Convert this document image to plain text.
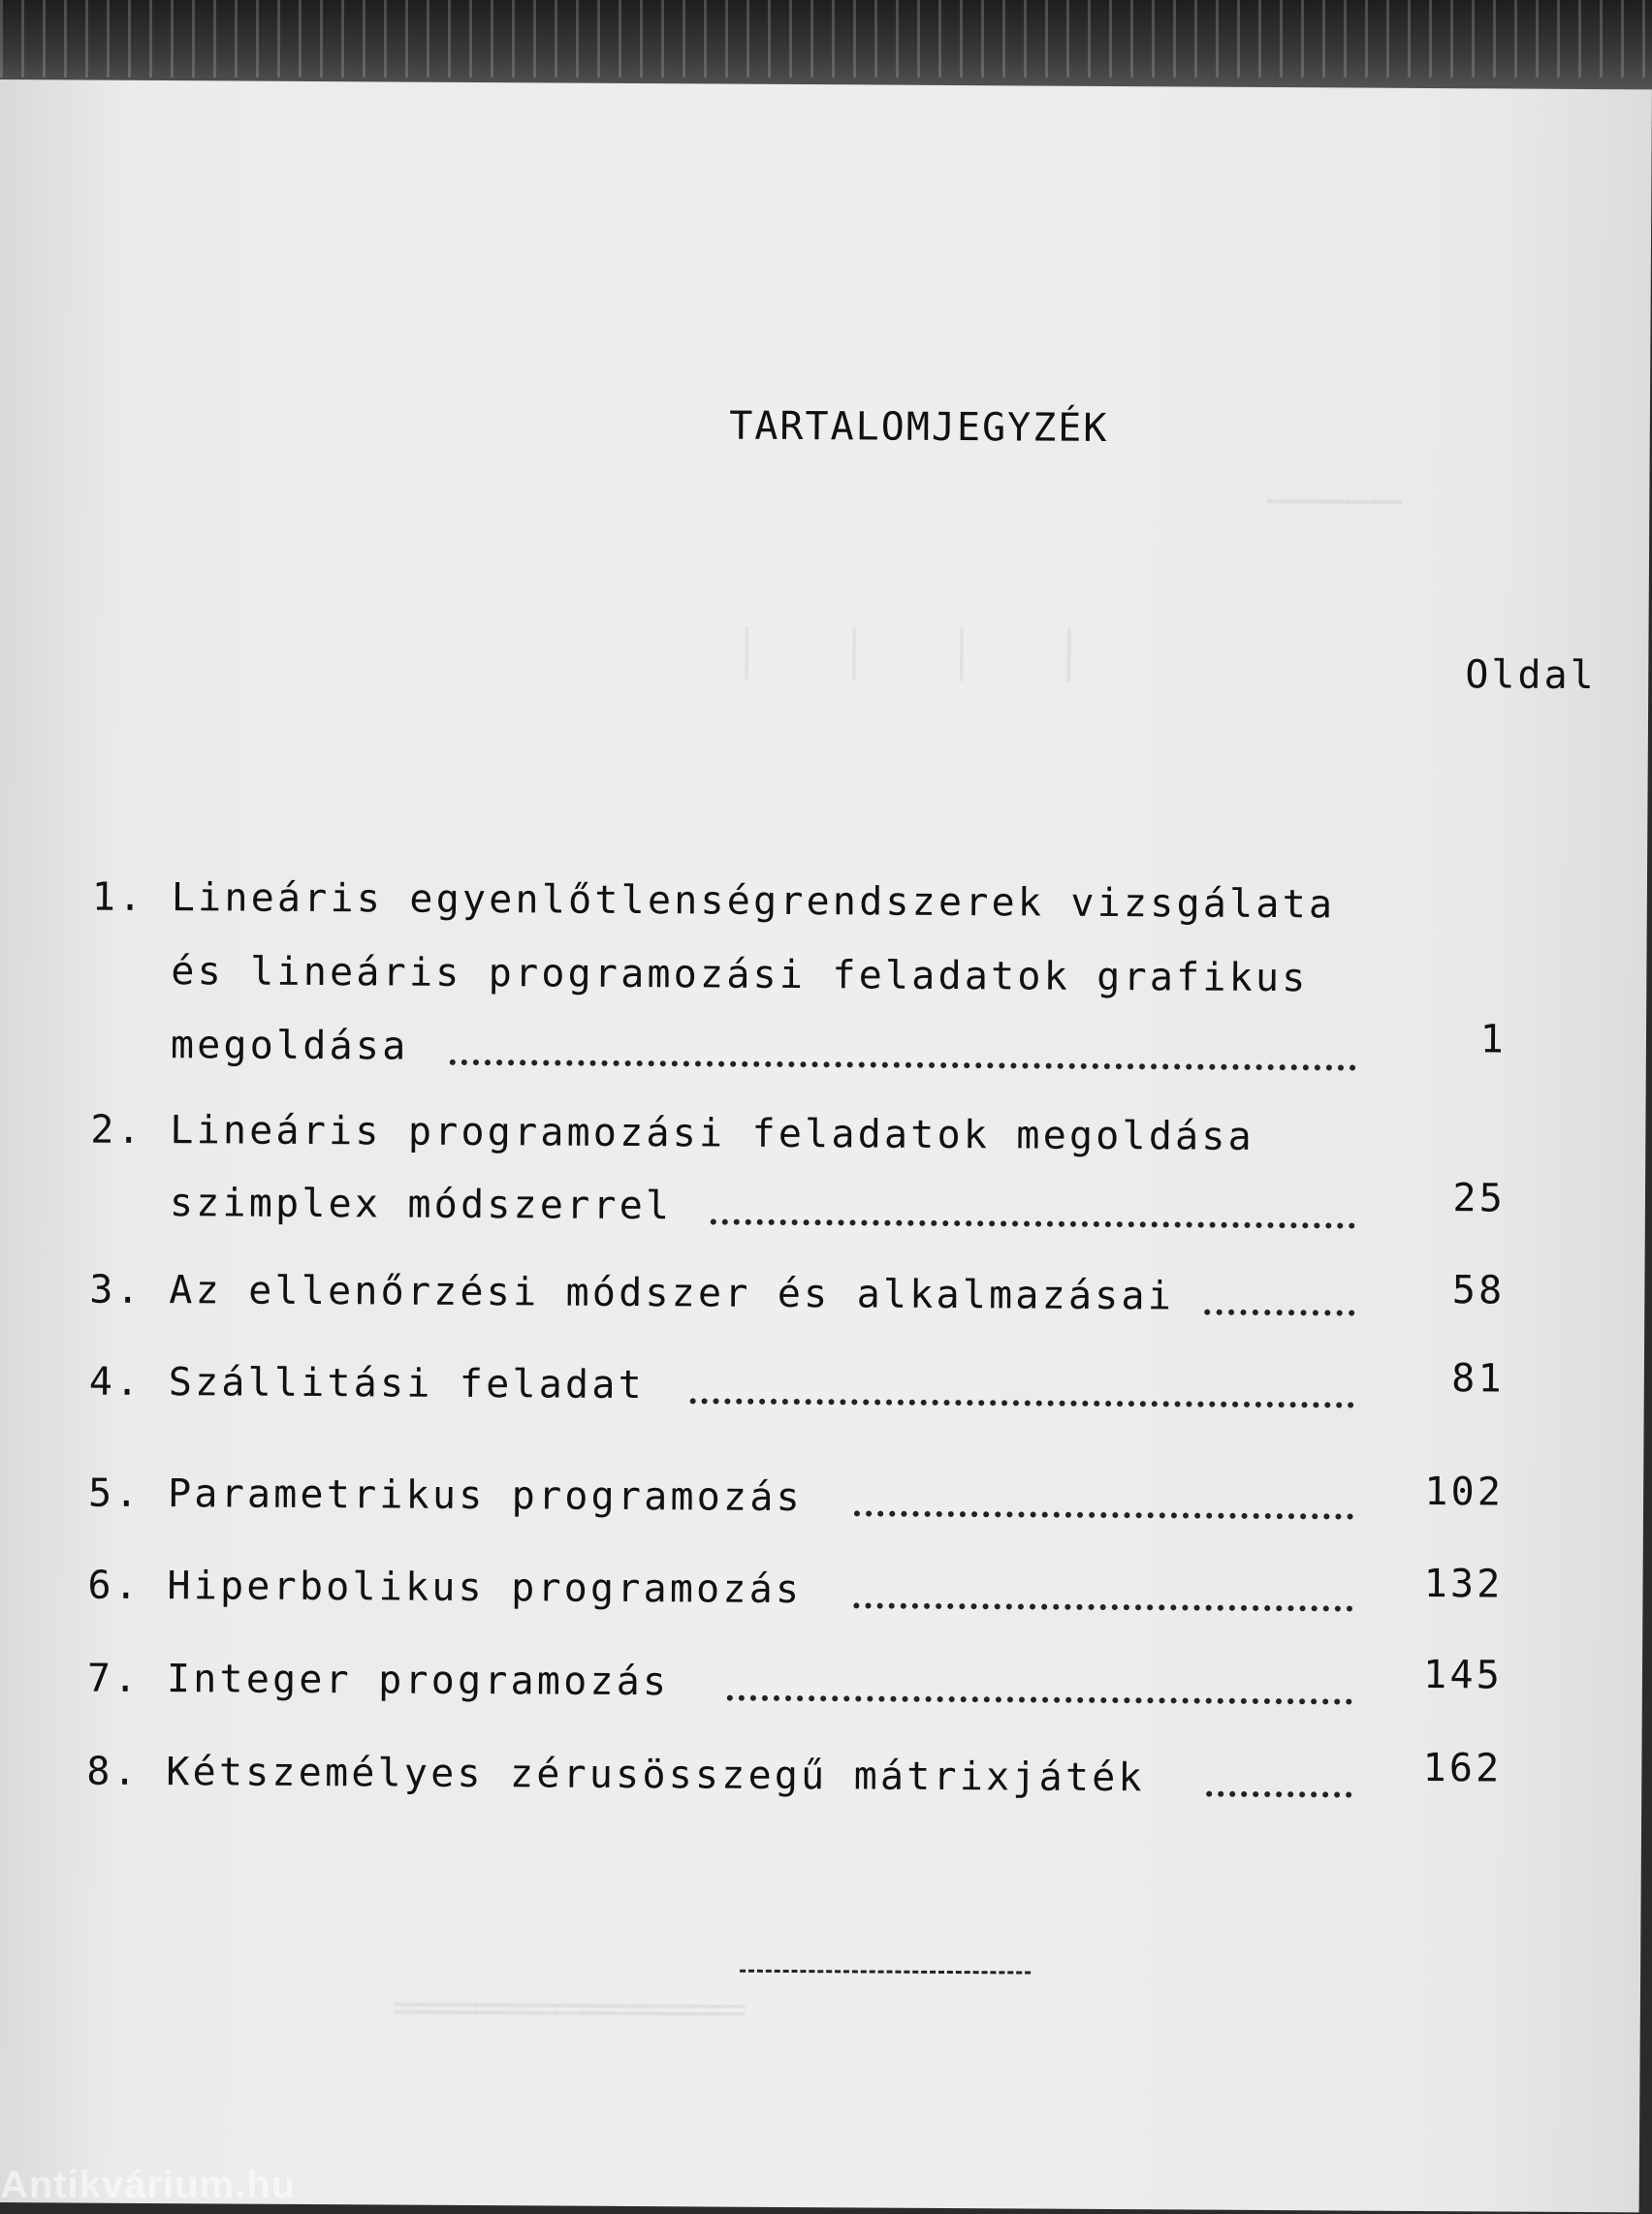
─────
│   │   │   │
═════════════
TARTALOMJEGYZÉK
Oldal
1. Lineáris egyenlőtlenségrendszerek vizsgálata
és lineáris programozási feladatok grafikus
megoldása	1
2. Lineáris programozási feladatok megoldása
szimplex módszerrel	25
3. Az ellenőrzési módszer és alkalmazásai	58
4. Szállitási feladat	81
5. Parametrikus programozás	102
6. Hiperbolikus programozás	132
7. Integer programozás	145
8. Kétszemélyes zérusösszegű mátrixjáték	162
Antikvárium.hu
